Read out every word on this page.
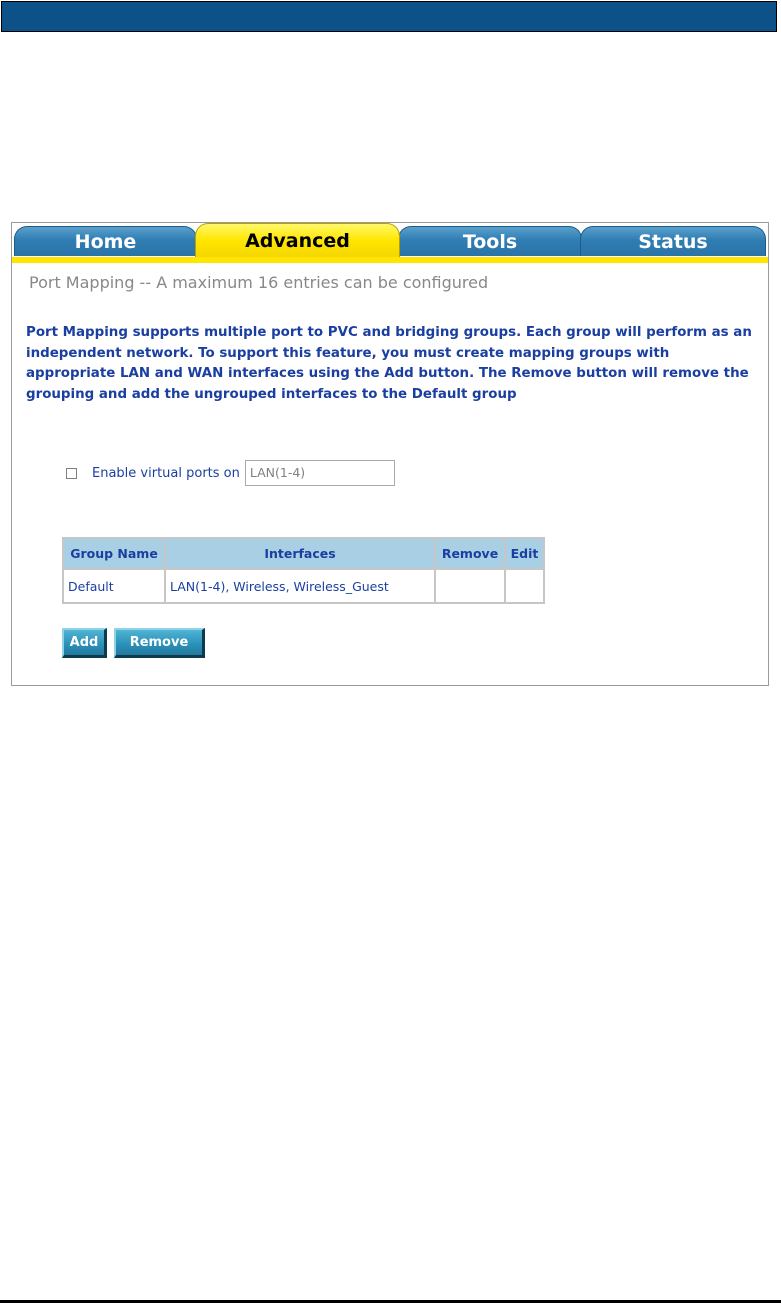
Home	Tools	Status
Advanced
Port Mapping -- A maximum 16 entries can be configured
Port Mapping supports multiple port to PVC and bridging groups. Each group will perform as an independent network. To support this feature, you must create mapping groups with appropriate LAN and WAN interfaces using the Add button. The Remove button will remove the grouping and add the ungrouped interfaces to the Default group
Enable virtual ports on LAN(1-4)
Group Name	Interfaces	Remove	Edit
Default	LAN(1-4), Wireless, Wireless_Guest		
Add	Remove
